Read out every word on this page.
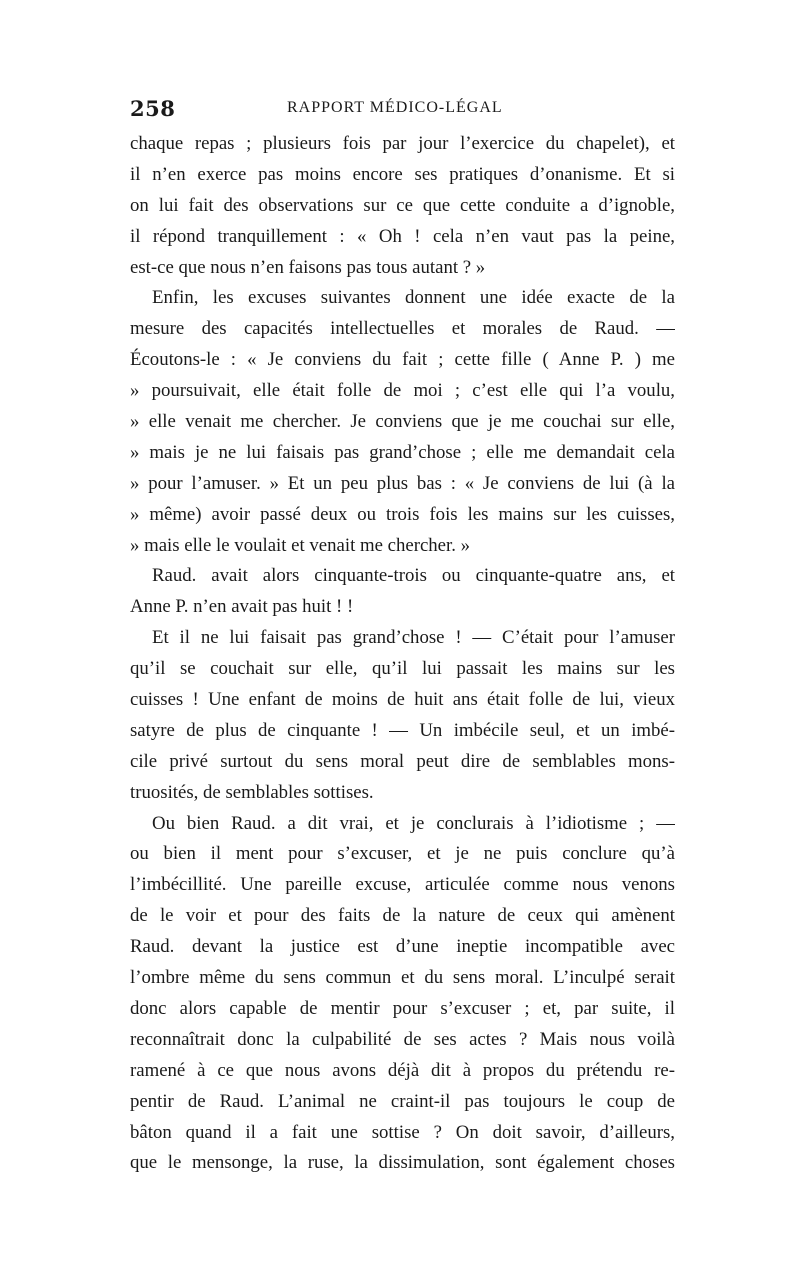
258	RAPPORT MÉDICO-LÉGAL
chaque repas ; plusieurs fois par jour l’exercice du chapelet), et
il n’en exerce pas moins encore ses pratiques d’onanisme. Et si
on lui fait des observations sur ce que cette conduite a d’ignoble,
il répond tranquillement : « Oh ! cela n’en vaut pas la peine,
est-ce que nous n’en faisons pas tous autant ? »
Enfin, les excuses suivantes donnent une idée exacte de la
mesure des capacités intellectuelles et morales de Raud. —
Écoutons-le : « Je conviens du fait ; cette fille ( Anne P. ) me
» poursuivait, elle était folle de moi ; c’est elle qui l’a voulu,
» elle venait me chercher. Je conviens que je me couchai sur elle,
» mais je ne lui faisais pas grand’chose ; elle me demandait cela
» pour l’amuser. » Et un peu plus bas : « Je conviens de lui (à la
» même) avoir passé deux ou trois fois les mains sur les cuisses,
» mais elle le voulait et venait me chercher. »
Raud. avait alors cinquante-trois ou cinquante-quatre ans, et
Anne P. n’en avait pas huit ! !
Et il ne lui faisait pas grand’chose ! — C’était pour l’amuser
qu’il se couchait sur elle, qu’il lui passait les mains sur les
cuisses ! Une enfant de moins de huit ans était folle de lui, vieux
satyre de plus de cinquante ! — Un imbécile seul, et un imbé-
cile privé surtout du sens moral peut dire de semblables mons-
truosités, de semblables sottises.
Ou bien Raud. a dit vrai, et je conclurais à l’idiotisme ; —
ou bien il ment pour s’excuser, et je ne puis conclure qu’à
l’imbécillité. Une pareille excuse, articulée comme nous venons
de le voir et pour des faits de la nature de ceux qui amènent
Raud. devant la justice est d’une ineptie incompatible avec
l’ombre même du sens commun et du sens moral. L’inculpé serait
donc alors capable de mentir pour s’excuser ; et, par suite, il
reconnaîtrait donc la culpabilité de ses actes ? Mais nous voilà
ramené à ce que nous avons déjà dit à propos du prétendu re-
pentir de Raud. L’animal ne craint-il pas toujours le coup de
bâton quand il a fait une sottise ? On doit savoir, d’ailleurs,
que le mensonge, la ruse, la dissimulation, sont également choses
